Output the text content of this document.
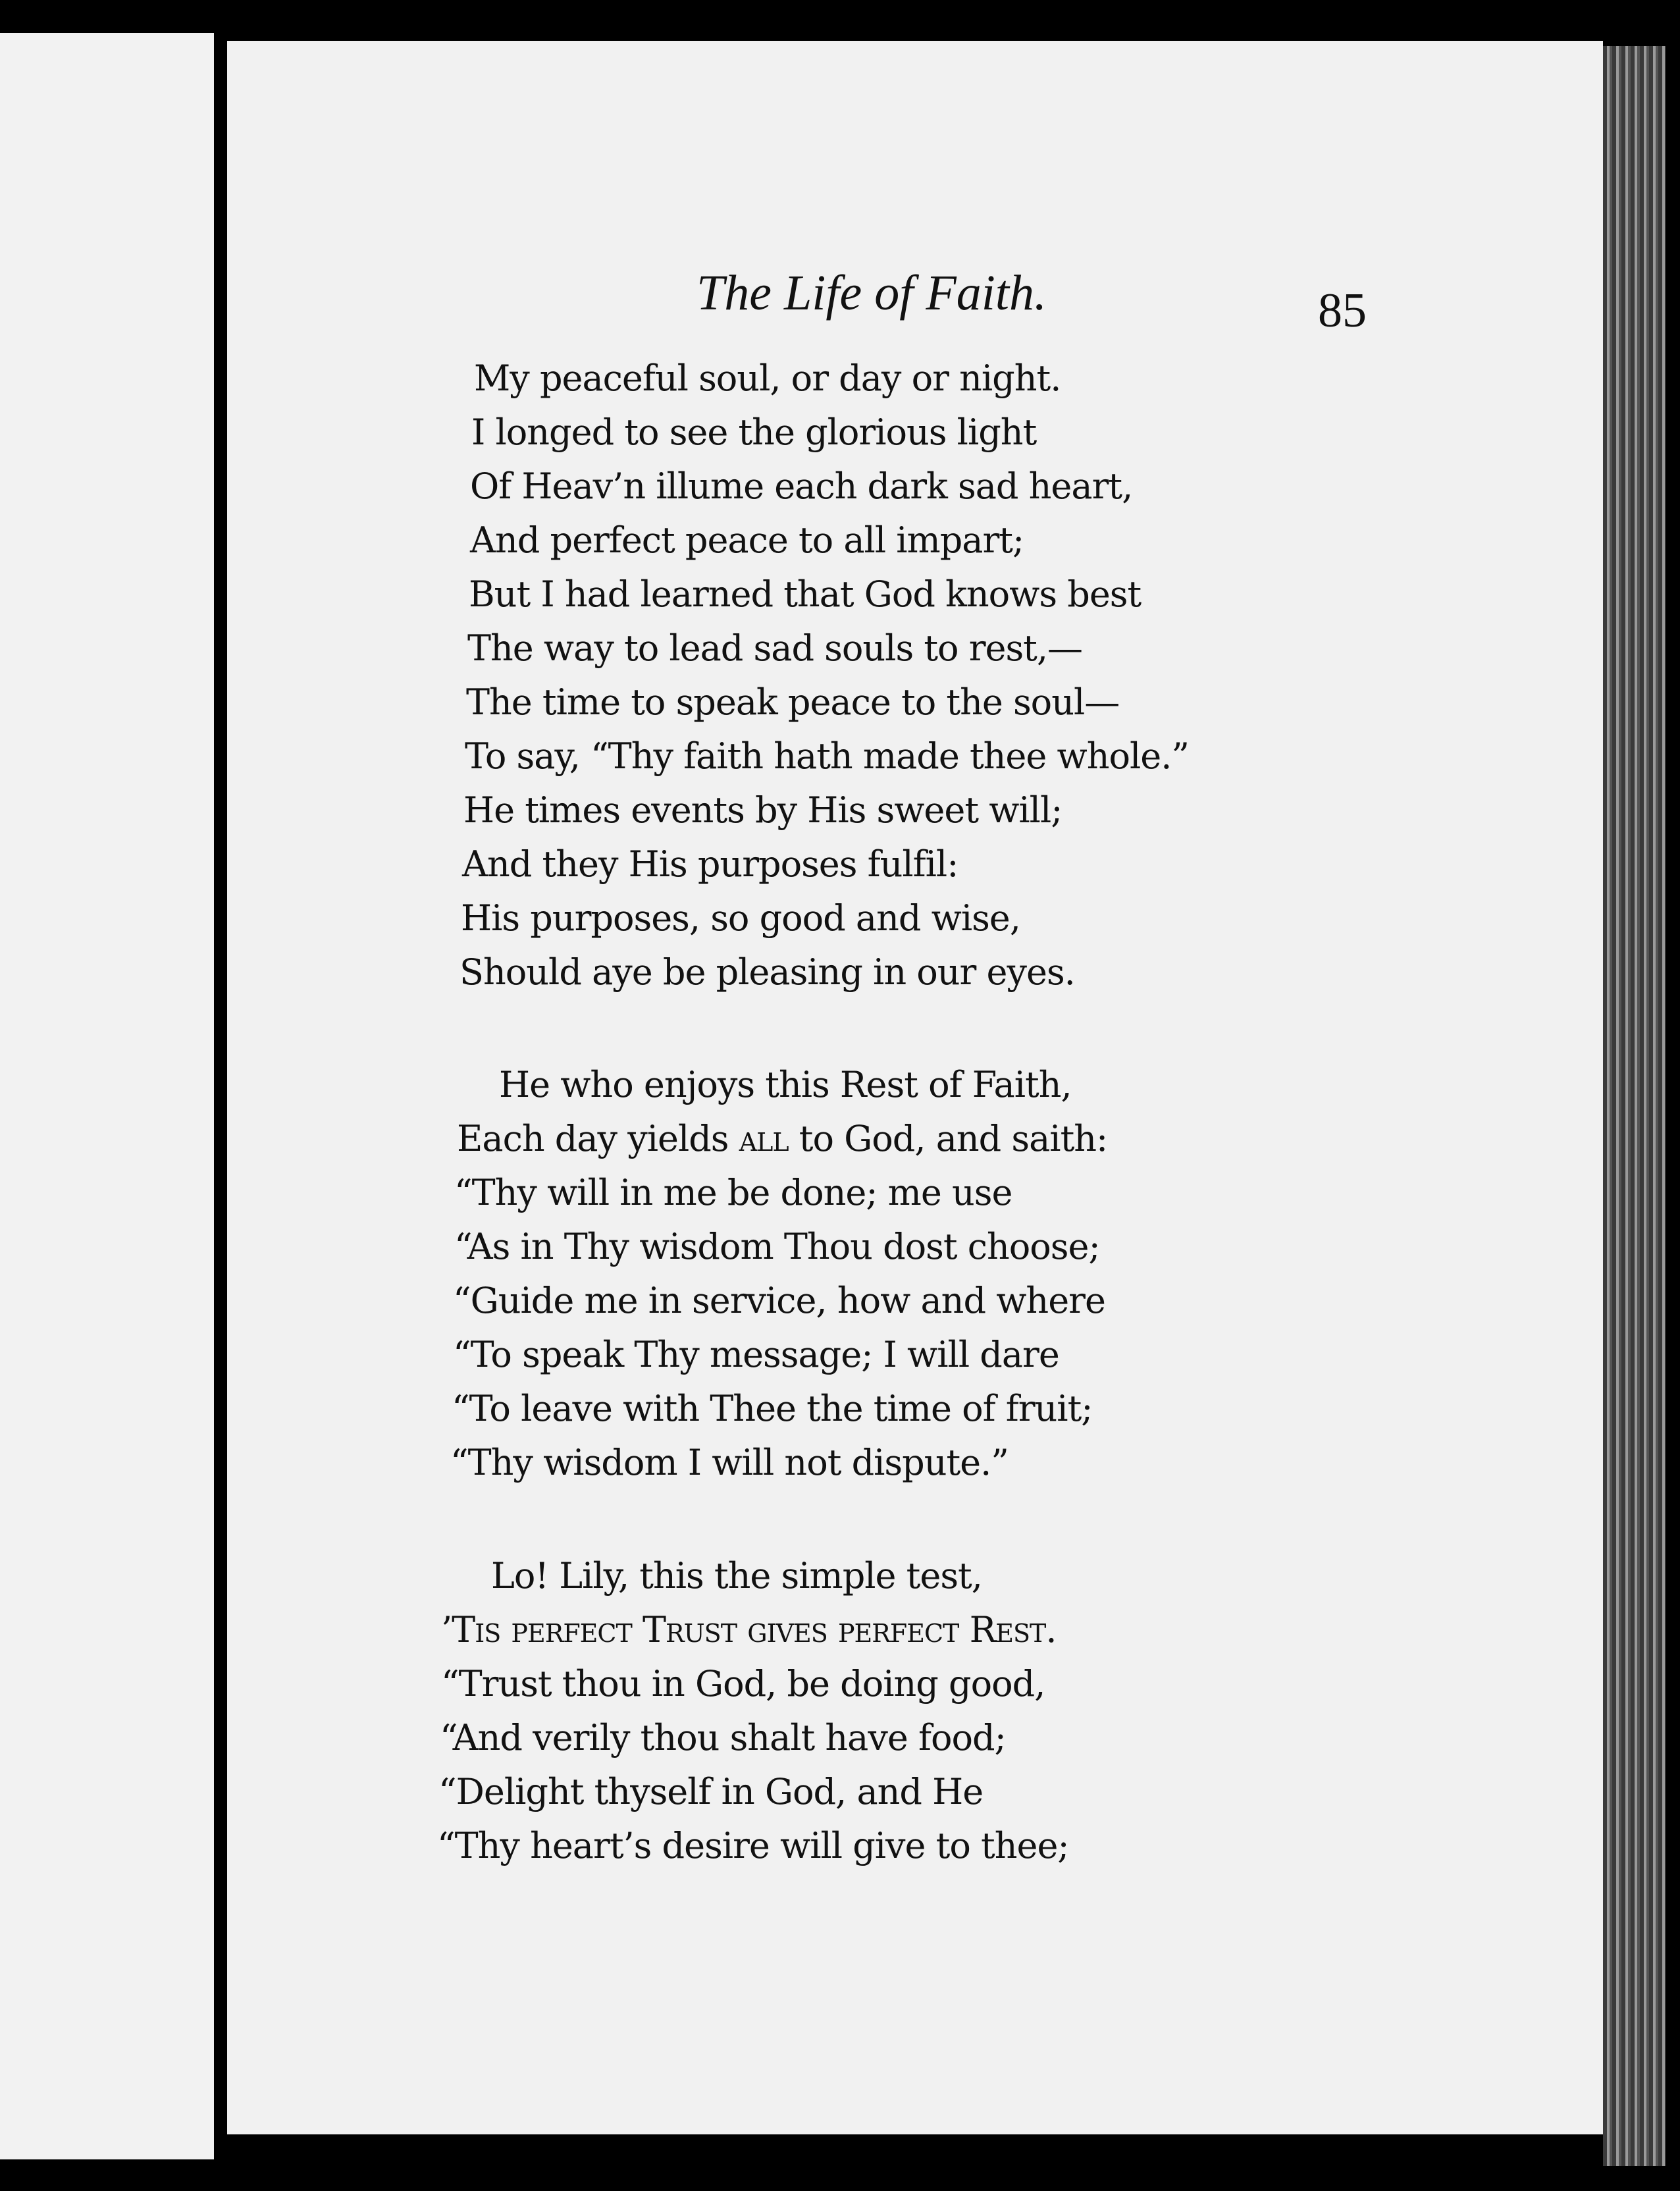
The Life of Faith.	85
My peaceful soul, or day or night.
I longed to see the glorious light
Of Heav’n illume each dark sad heart,
And perfect peace to all impart;
But I had learned that God knows best
The way to lead sad souls to rest,—
The time to speak peace to the soul—
To say, “Thy faith hath made thee whole.”
He times events by His sweet will;
And they His purposes fulfil:
His purposes, so good and wise,
Should aye be pleasing in our eyes.
He who enjoys this Rest of Faith,
Each day yields all to God, and saith:
“Thy will in me be done; me use
“As in Thy wisdom Thou dost choose;
“Guide me in service, how and where
“To speak Thy message; I will dare
“To leave with Thee the time of fruit;
“Thy wisdom I will not dispute.”
Lo! Lily, this the simple test,
’Tis perfect Trust gives perfect Rest.
“Trust thou in God, be doing good,
“And verily thou shalt have food;
“Delight thyself in God, and He
“Thy heart’s desire will give to thee;
